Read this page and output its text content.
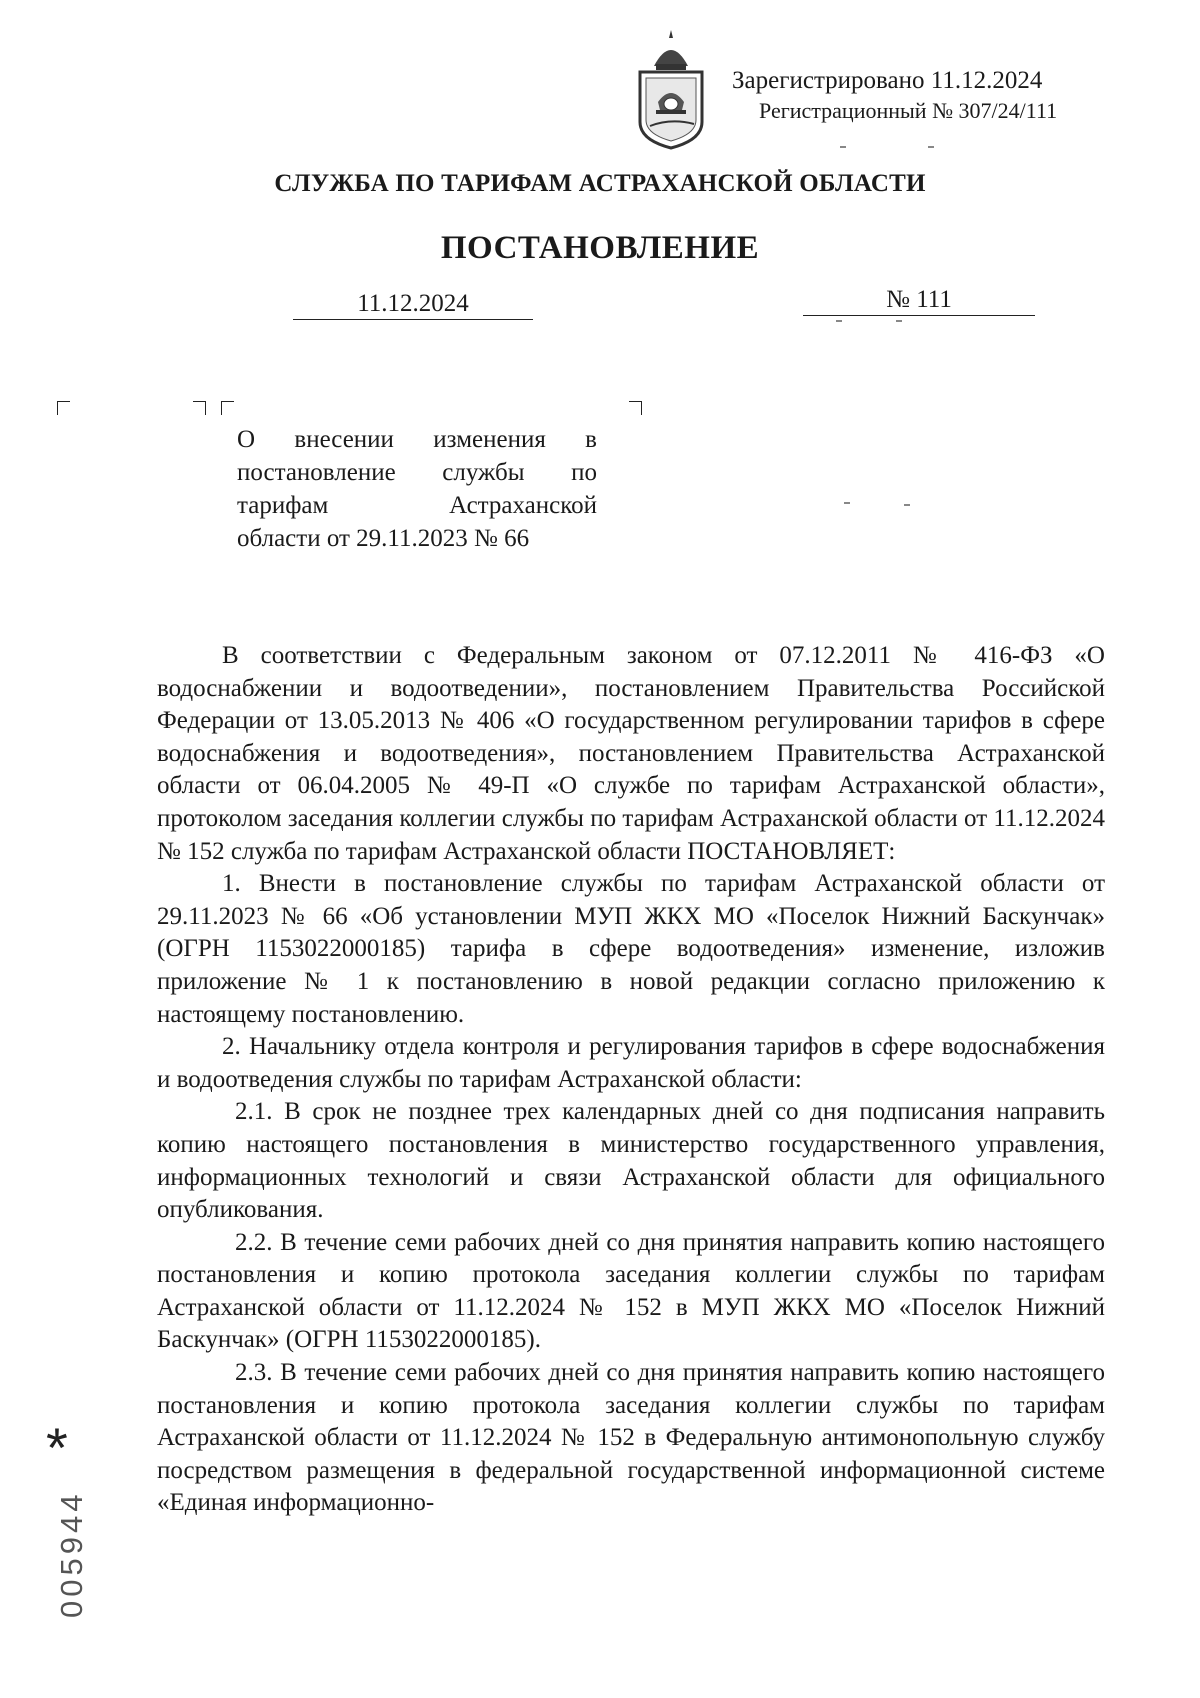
Зарегистрировано 11.12.2024
Регистрационный № 307/24/111
СЛУЖБА ПО ТАРИФАМ АСТРАХАНСКОЙ ОБЛАСТИ
ПОСТАНОВЛЕНИЕ
11.12.2024	№ 111

О внесении изменения в

постановление службы по

тарифам Астраханской

области от 29.11.2023 № 66

В соответствии с Федеральным законом от 07.12.2011 № 416-ФЗ «О водоснабжении и водоотведении», постановлением Правительства Российской Федерации от 13.05.2013 № 406 «О государственном регулировании тарифов в сфере водоснабжения и водоотведения», постановлением Правительства Астраханской области от 06.04.2005 № 49-П «О службе по тарифам Астраханской области», протоколом заседания коллегии службы по тарифам Астраханской области от 11.12.2024 № 152 служба по тарифам Астраханской области ПОСТАНОВЛЯЕТ:

1. Внести в постановление службы по тарифам Астраханской области от 29.11.2023 № 66 «Об установлении МУП ЖКХ МО «Поселок Нижний Баскунчак» (ОГРН 1153022000185) тарифа в сфере водоотведения» изменение, изложив приложение № 1 к постановлению в новой редакции согласно приложению к настоящему постановлению.

2. Начальнику отдела контроля и регулирования тарифов в сфере водоснабжения и водоотведения службы по тарифам Астраханской области:

2.1. В срок не позднее трех календарных дней со дня подписания направить копию настоящего постановления в министерство государственного управления, информационных технологий и связи Астраханской области для официального опубликования.

2.2. В течение семи рабочих дней со дня принятия направить копию настоящего постановления и копию протокола заседания коллегии службы по тарифам Астраханской области от 11.12.2024 № 152 в МУП ЖКХ МО «Поселок Нижний Баскунчак» (ОГРН 1153022000185).

2.3. В течение семи рабочих дней со дня принятия направить копию настоящего постановления и копию протокола заседания коллегии службы по тарифам Астраханской области от 11.12.2024 № 152 в Федеральную антимонопольную службу посредством размещения в федеральной государственной информационной системе «Единая информационно-

*
005944
